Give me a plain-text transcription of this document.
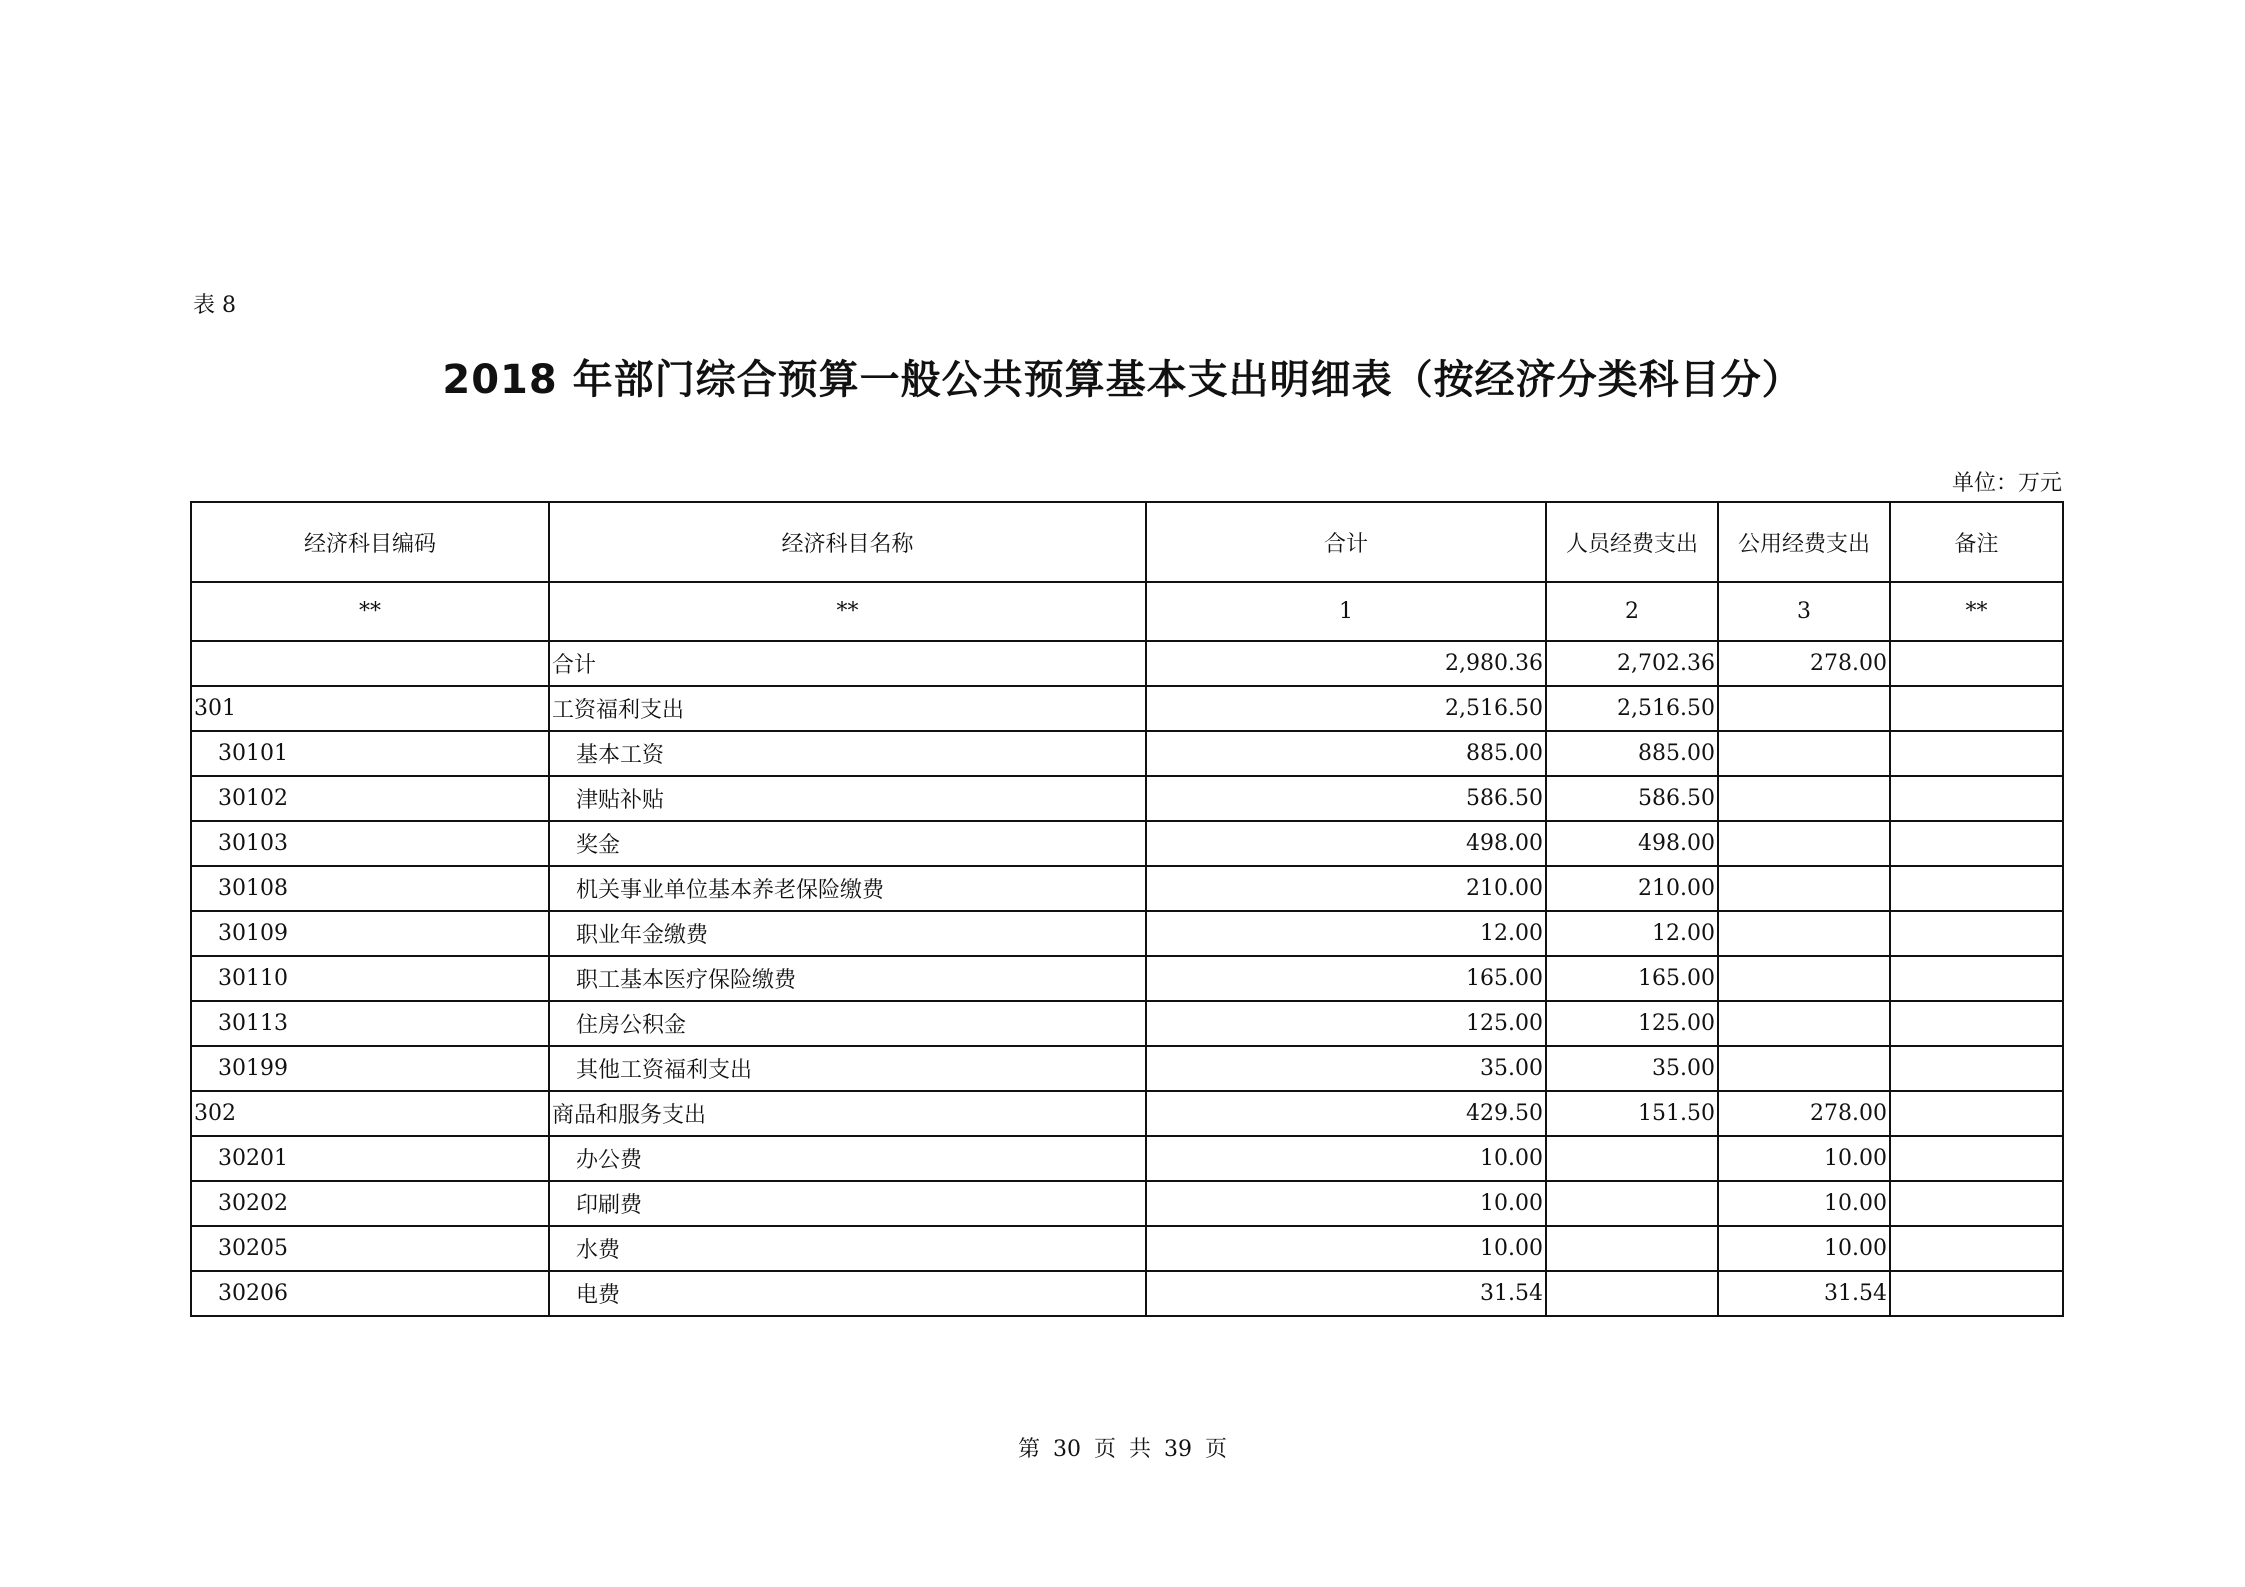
表 8
2018 年部门综合预算一般公共预算基本支出明细表（按经济分类科目分）
单位：万元
经济科目编码	经济科目名称	合计	人员经费支出	公用经费支出	备注
**	**	1	2	3	**
	合计	2,980.36	2,702.36	278.00	
301	工资福利支出	2,516.50	2,516.50		
30101	基本工资	885.00	885.00		
30102	津贴补贴	586.50	586.50		
30103	奖金	498.00	498.00		
30108	机关事业单位基本养老保险缴费	210.00	210.00		
30109	职业年金缴费	12.00	12.00		
30110	职工基本医疗保险缴费	165.00	165.00		
30113	住房公积金	125.00	125.00		
30199	其他工资福利支出	35.00	35.00		
302	商品和服务支出	429.50	151.50	278.00	
30201	办公费	10.00		10.00	
30202	印刷费	10.00		10.00	
30205	水费	10.00		10.00	
30206	电费	31.54		31.54	
第 30 页 共 39 页
